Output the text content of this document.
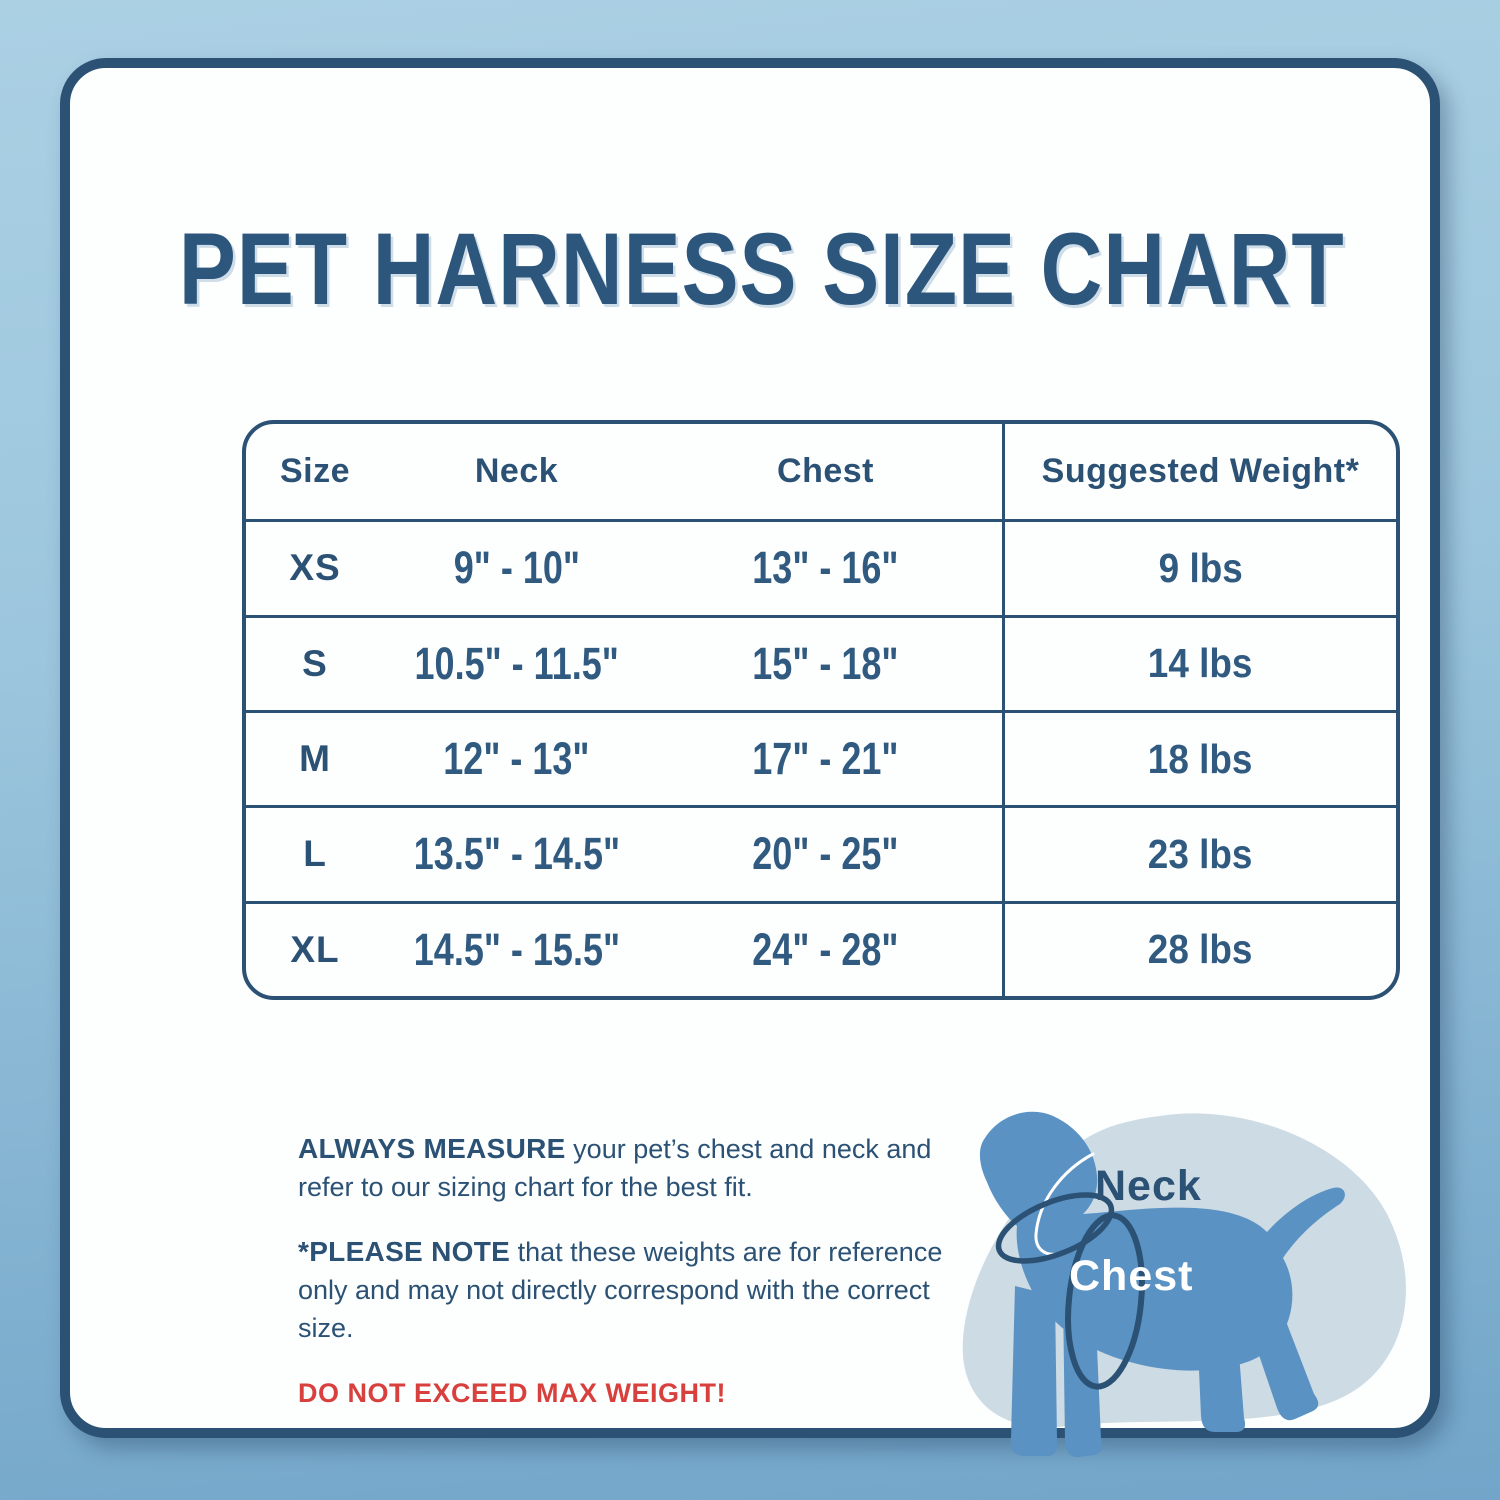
PET HARNESS SIZE CHART
Size	Neck	Chest	Suggested Weight*
XS	9" - 10"	13" - 16"	9 lbs
S	10.5" - 11.5"	15" - 18"	14 lbs
M	12" - 13"	17" - 21"	18 lbs
L	13.5" - 14.5"	20" - 25"	23 lbs
XL	14.5" - 15.5"	24" - 28"	28 lbs

ALWAYS MEASURE your pet’s chest and neck and refer to our sizing chart for the best fit.

*PLEASE NOTE that these weights are for reference only and may not directly correspond with the correct size.

DO NOT EXCEED MAX WEIGHT!

Neck
Chest
